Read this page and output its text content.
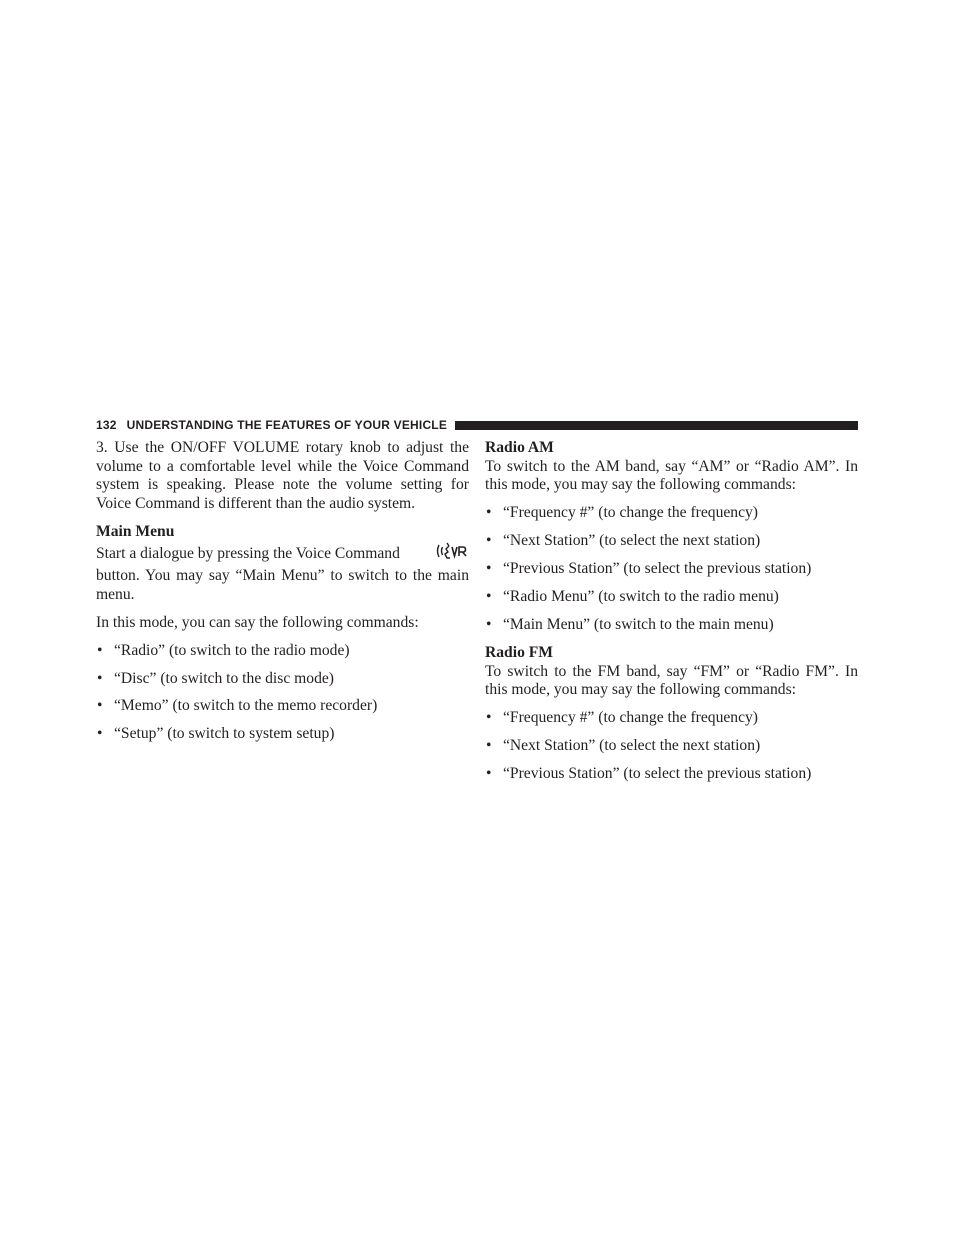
132 UNDERSTANDING THE FEATURES OF YOUR VEHICLE

3. Use the ON/OFF VOLUME rotary knob to adjust the volume to a comfortable level while the Voice Command system is speaking. Please note the volume setting for Voice Command is different than the audio system.

Main Menu
Start a dialogue by pressing the Voice Command

button. You may say “Main Menu” to switch to the main menu.

In this mode, you can say the following commands:

• “Radio” (to switch to the radio mode)
• “Disc” (to switch to the disc mode)
• “Memo” (to switch to the memo recorder)
• “Setup” (to switch to system setup)
Radio AM

To switch to the AM band, say “AM” or “Radio AM”. In this mode, you may say the following commands:

• “Frequency #” (to change the frequency)
• “Next Station” (to select the next station)
• “Previous Station” (to select the previous station)
• “Radio Menu” (to switch to the radio menu)
• “Main Menu” (to switch to the main menu)
Radio FM

To switch to the FM band, say “FM” or “Radio FM”. In this mode, you may say the following commands:

• “Frequency #” (to change the frequency)
• “Next Station” (to select the next station)
• “Previous Station” (to select the previous station)
